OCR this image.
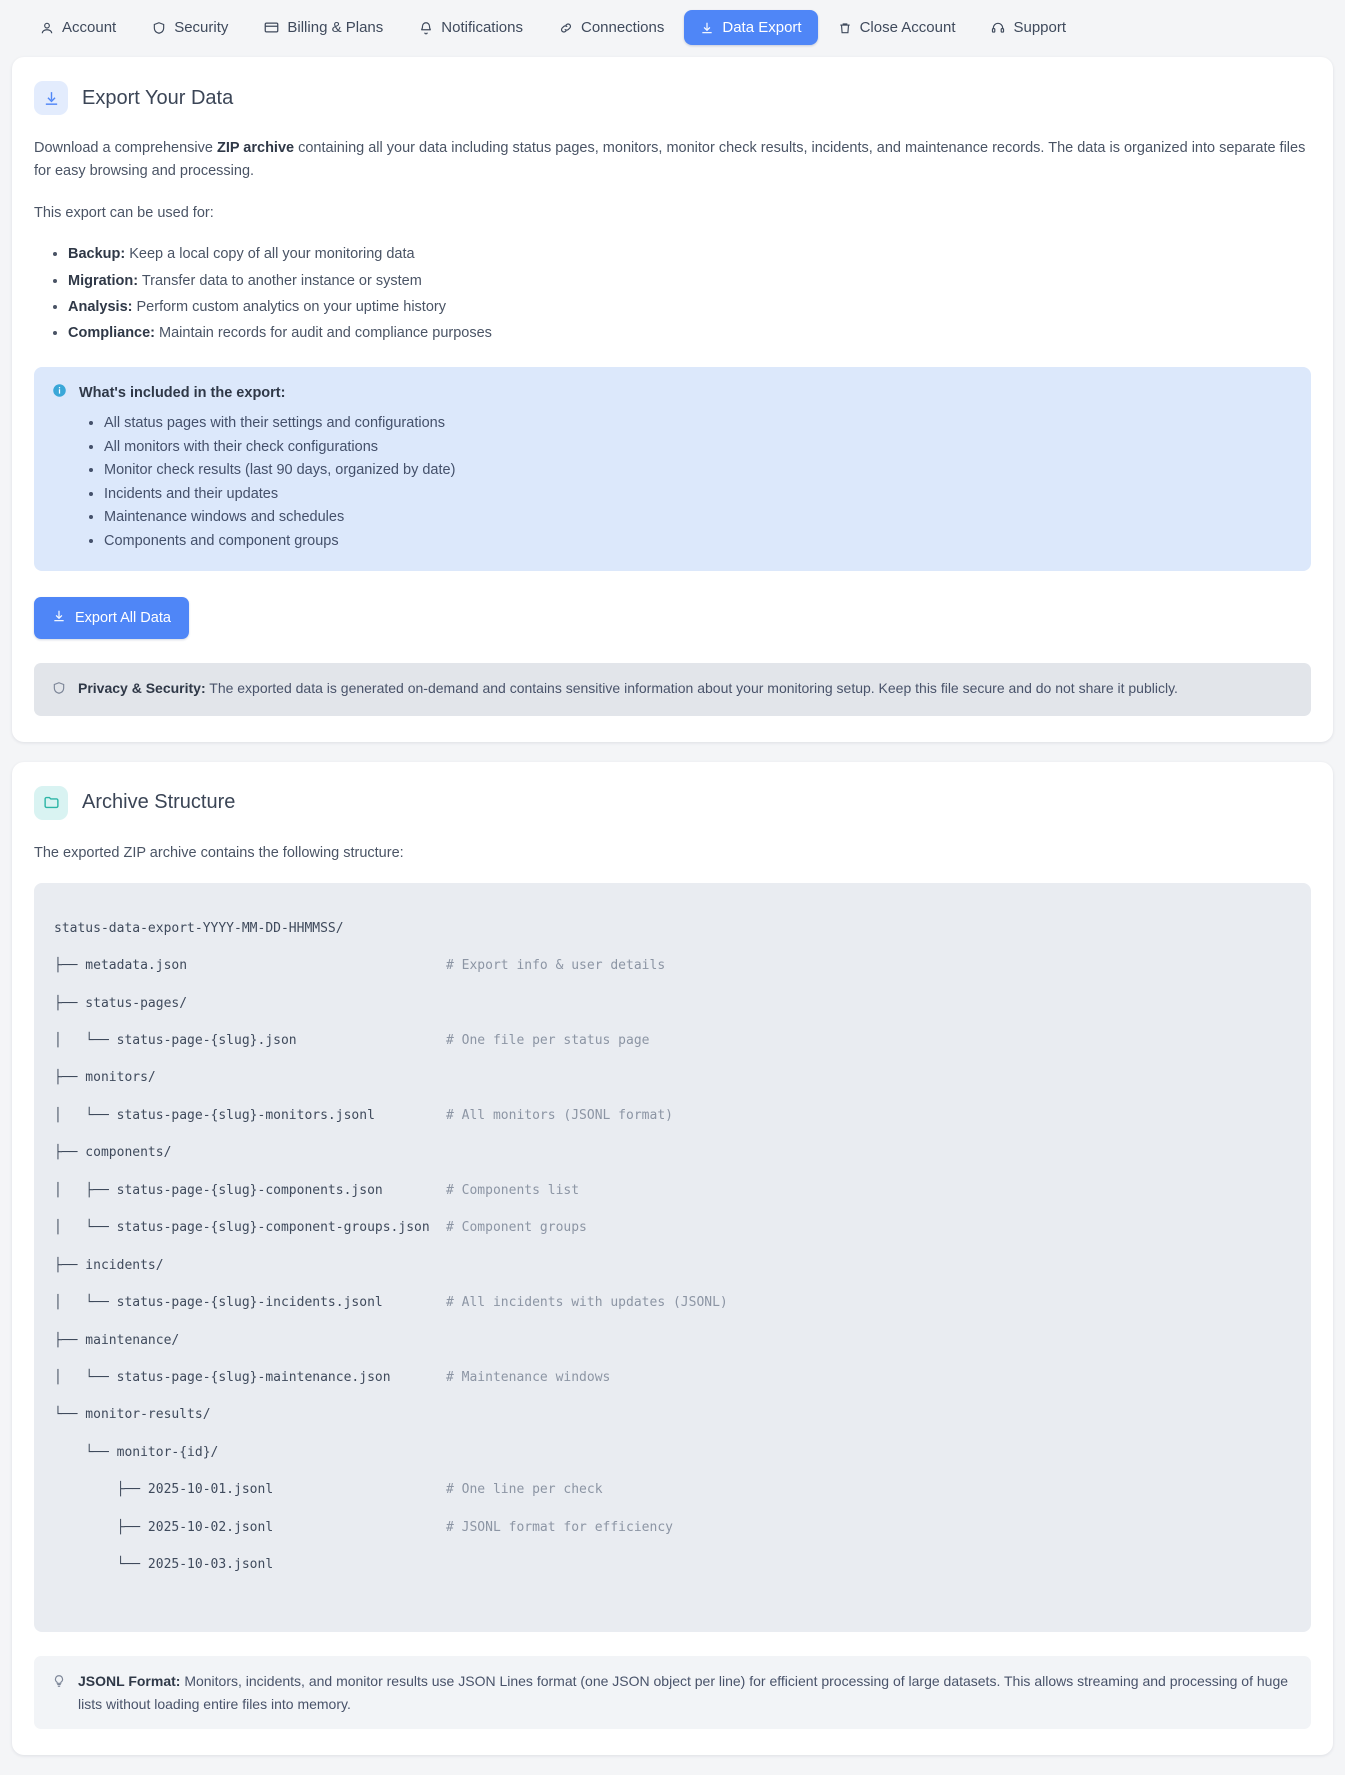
Account	Security	Billing & Plans	Notifications	Connections	Data Export	Close Account	Support
Export Your Data

Download a comprehensive ZIP archive containing all your data including status pages, monitors, monitor check results, incidents, and maintenance records. The data is organized into separate files for easy browsing and processing.

This export can be used for:

• Backup: Keep a local copy of all your monitoring data
• Migration: Transfer data to another instance or system
• Analysis: Perform custom analytics on your uptime history
• Compliance: Maintain records for audit and compliance purposes
What's included in the export:
• All status pages with their settings and configurations
• All monitors with their check configurations
• Monitor check results (last 90 days, organized by date)
• Incidents and their updates
• Maintenance windows and schedules
• Components and component groups
Export All Data
Privacy & Security: The exported data is generated on-demand and contains sensitive information about your monitoring setup. Keep this file secure and do not share it publicly.
Archive Structure

The exported ZIP archive contains the following structure:

status-data-export-YYYY-MM-DD-HHMMSS/

├── metadata.json	# Export info & user details

├── status-pages/

│   └── status-page-{slug}.json	# One file per status page

├── monitors/

│   └── status-page-{slug}-monitors.jsonl	# All monitors (JSONL format)

├── components/

│   ├── status-page-{slug}-components.json	# Components list

│   └── status-page-{slug}-component-groups.json # Component groups

├── incidents/

│   └── status-page-{slug}-incidents.jsonl	# All incidents with updates (JSONL)

├── maintenance/

│   └── status-page-{slug}-maintenance.json	# Maintenance windows

└── monitor-results/

└── monitor-{id}/

├── 2025-10-01.jsonl	# One line per check

├── 2025-10-02.jsonl	# JSONL format for efficiency

└── 2025-10-03.jsonl

JSONL Format: Monitors, incidents, and monitor results use JSON Lines format (one JSON object per line) for efficient processing of large datasets. This allows streaming and processing of huge lists without loading entire files into memory.
